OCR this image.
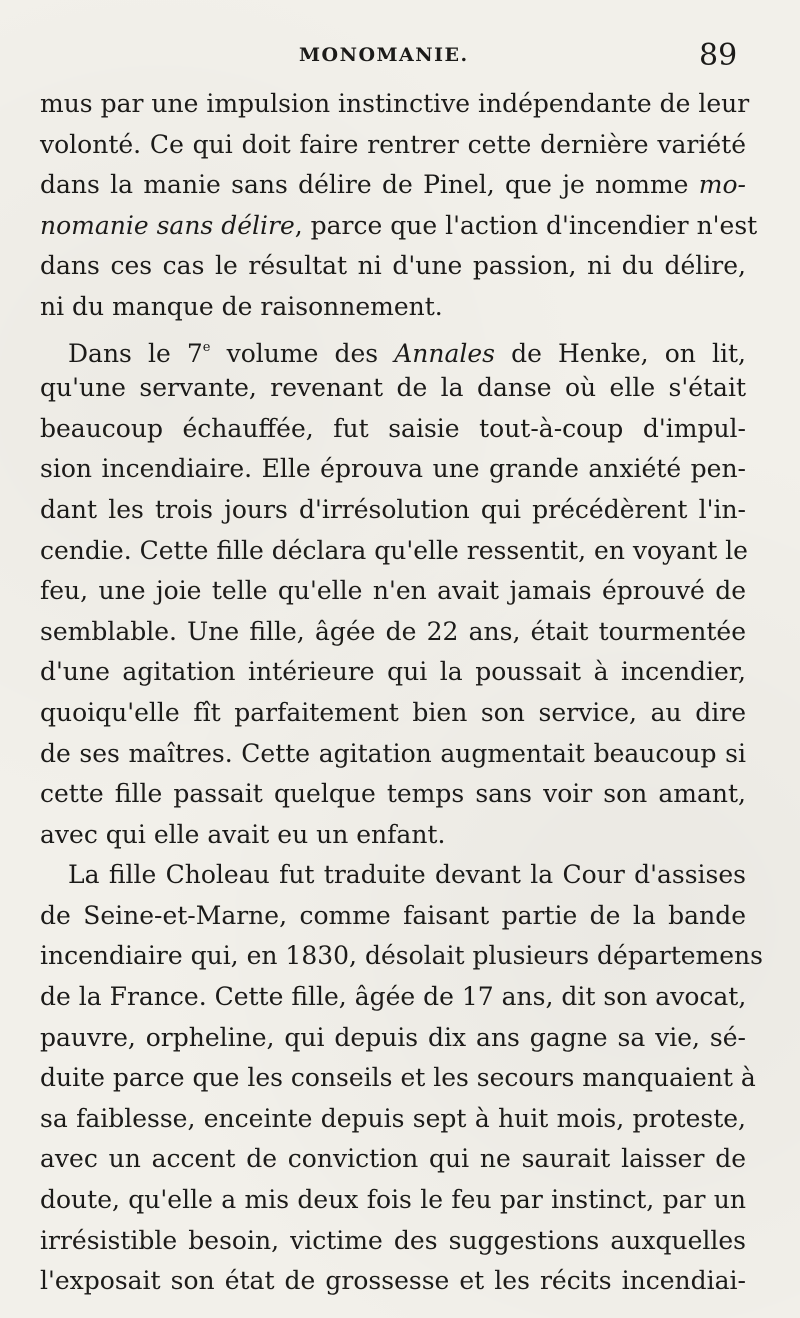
MONOMANIE.	89
mus par une impulsion instinctive indépendante de leur
volonté. Ce qui doit faire rentrer cette dernière variété
dans la manie sans délire de Pinel, que je nomme mo-
nomanie sans délire, parce que l'action d'incendier n'est
dans ces cas le résultat ni d'une passion, ni du délire,
ni du manque de raisonnement.
Dans le 7e volume des Annales de Henke, on lit,
qu'une servante, revenant de la danse où elle s'était
beaucoup échauffée, fut saisie tout-à-coup d'impul-
sion incendiaire. Elle éprouva une grande anxiété pen-
dant les trois jours d'irrésolution qui précédèrent l'in-
cendie. Cette fille déclara qu'elle ressentit, en voyant le
feu, une joie telle qu'elle n'en avait jamais éprouvé de
semblable. Une fille, âgée de 22 ans, était tourmentée
d'une agitation intérieure qui la poussait à incendier,
quoiqu'elle fît parfaitement bien son service, au dire
de ses maîtres. Cette agitation augmentait beaucoup si
cette fille passait quelque temps sans voir son amant,
avec qui elle avait eu un enfant.
La fille Choleau fut traduite devant la Cour d'assises
de Seine-et-Marne, comme faisant partie de la bande
incendiaire qui, en 1830, désolait plusieurs départemens
de la France. Cette fille, âgée de 17 ans, dit son avocat,
pauvre, orpheline, qui depuis dix ans gagne sa vie, sé-
duite parce que les conseils et les secours manquaient à
sa faiblesse, enceinte depuis sept à huit mois, proteste,
avec un accent de conviction qui ne saurait laisser de
doute, qu'elle a mis deux fois le feu par instinct, par un
irrésistible besoin, victime des suggestions auxquelles
l'exposait son état de grossesse et les récits incendiai-
